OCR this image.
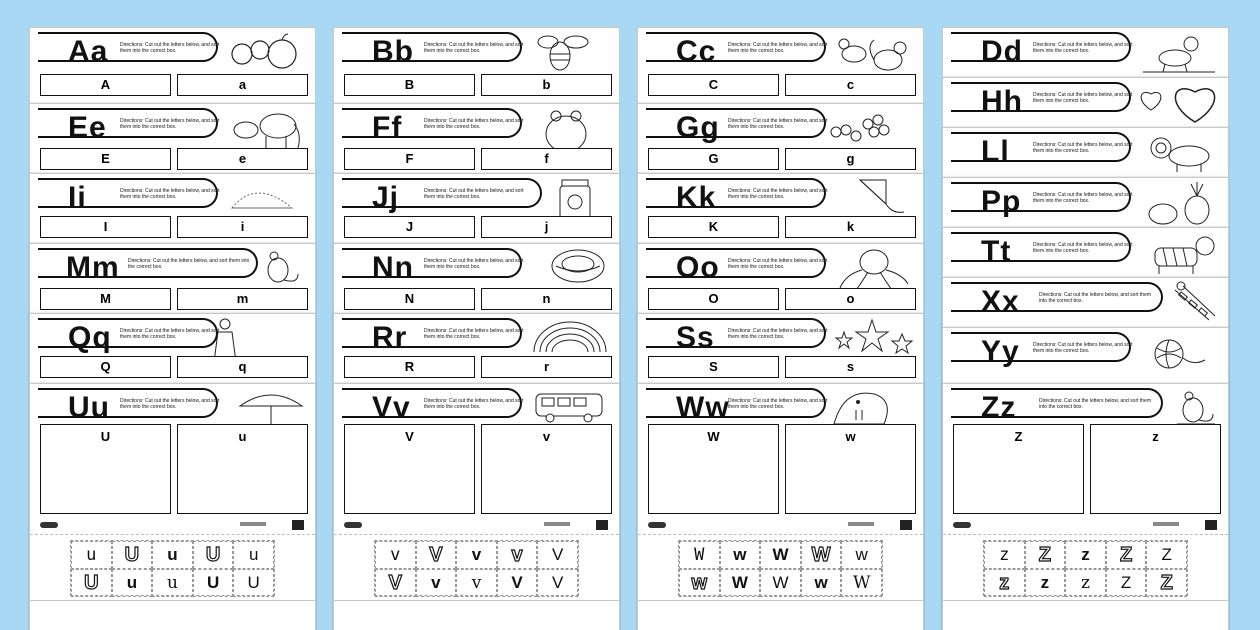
Aa Directions: Cut out the letters below, and sort them into the correct box.
A	a
Ee	Directions: Cut out the letters below, and sort them into the correct box.
E	e
Ii	Directions: Cut out the letters below, and sort them into the correct box.
I	i
Mm Directions: Cut out the letters below, and sort them into the correct box.
M	m
Qq Directions: Cut out the letters below, and sort them into the correct box.
Q	q
Uu Directions: Cut out the letters below, and sort them into the correct box.
U	u
u	U	u	U	u
U	u	u	U	U
Bb Directions: Cut out the letters below, and sort them into the correct box.
B	b
Ff	Directions: Cut out the letters below, and sort them into the correct box.
F	f
Jj	Directions: Cut out the letters below, and sort them into the correct box.
J	j
Nn Directions: Cut out the letters below, and sort them into the correct box.
N	n
Rr	Directions: Cut out the letters below, and sort them into the correct box.
R	r
Vv	Directions: Cut out the letters below, and sort them into the correct box.
V	v
v	V	v	v	V
V	v	v	V	V
Cc Directions: Cut out the letters below, and sort them into the correct box.
C	c
Gg Directions: Cut out the letters below, and sort them into the correct box.
G	g
Kk Directions: Cut out the letters below, and sort them into the correct box.
K	k
Oo Directions: Cut out the letters below, and sort them into the correct box.
O	o
Ss	Directions: Cut out the letters below, and sort them into the correct box.
S	s
Ww
Directions: Cut out the letters below, and sort them into the correct box.
W	w
W	w	W	W	w
w	W	W	w	W
Dd Directions: Cut out the letters below, and sort them into the correct box.
Hh Directions: Cut out the letters below, and sort them into the correct box.
Ll	Directions: Cut out the letters below, and sort them into the correct box.
Pp Directions: Cut out the letters below, and sort them into the correct box.
Tt	Directions: Cut out the letters below, and sort them into the correct box.
Xx	Directions: Cut out the letters below, and sort them into the correct box.
Yy	Directions: Cut out the letters below, and sort them into the correct box.
Zz	Directions: Cut out the letters below, and sort them into the correct box.
Z	z
z	Z	z	Z	Z
z	z	z	Z	Z
